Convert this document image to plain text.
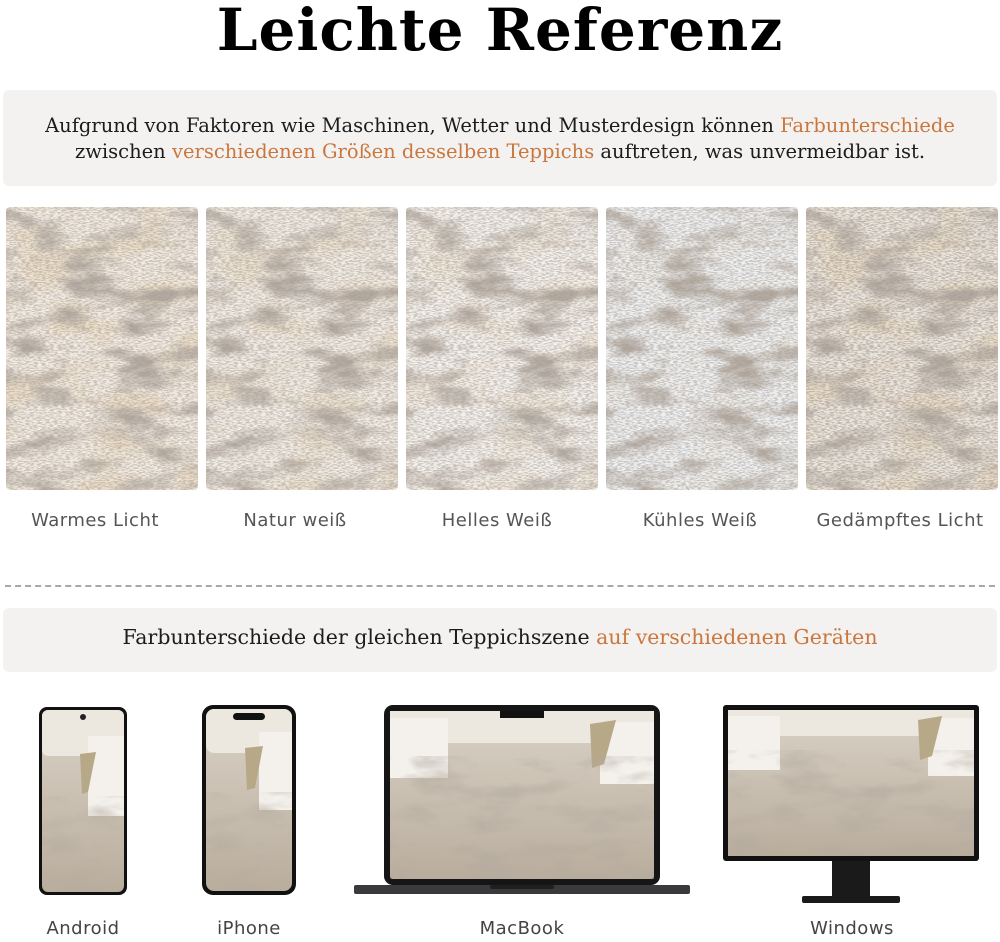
Leichte Referenz
Aufgrund von Faktoren wie Maschinen, Wetter und Musterdesign können Farbunterschiede
zwischen verschiedenen Größen desselben Teppichs auftreten, was unvermeidbar ist.
Warmes Licht	Natur weiß	Helles Weiß	Kühles Weiß	Gedämpftes Licht
Farbunterschiede der gleichen Teppichszene auf verschiedenen Geräten
Android	iPhone	MacBook	Windows
